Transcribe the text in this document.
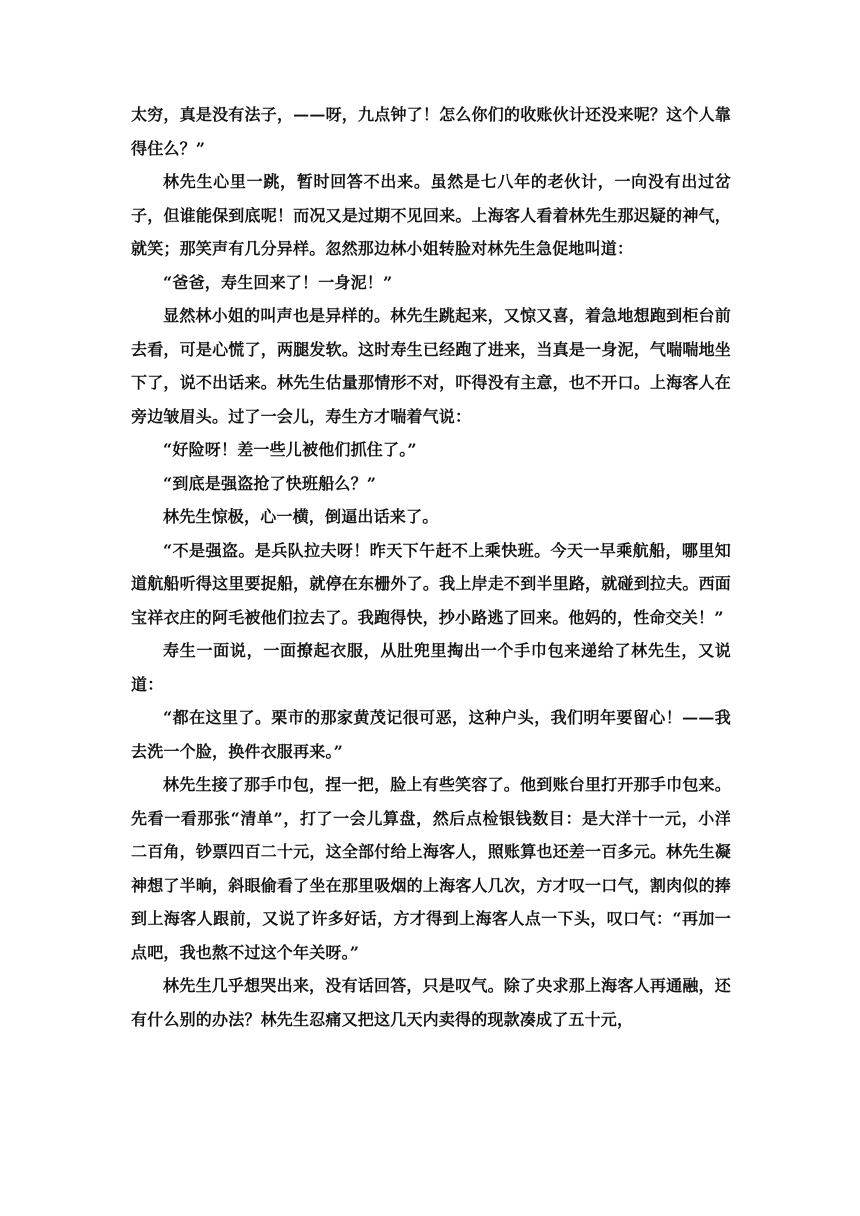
太穷，真是没有法子，——呀，九点钟了！怎么你们的收账伙计还没来呢？这个人靠得住么？”

林先生心里一跳，暂时回答不出来。虽然是七八年的老伙计，一向没有出过岔子，但谁能保到底呢！而况又是过期不见回来。上海客人看着林先生那迟疑的神气，就笑；那笑声有几分异样。忽然那边林小姐转脸对林先生急促地叫道：

“爸爸，寿生回来了！一身泥！”

显然林小姐的叫声也是异样的。林先生跳起来，又惊又喜，着急地想跑到柜台前去看，可是心慌了，两腿发软。这时寿生已经跑了进来，当真是一身泥，气喘喘地坐下了，说不出话来。林先生估量那情形不对，吓得没有主意，也不开口。上海客人在旁边皱眉头。过了一会儿，寿生方才喘着气说：

“好险呀！差一些儿被他们抓住了。”

“到底是强盗抢了快班船么？”

林先生惊极，心一横，倒逼出话来了。

“不是强盗。是兵队拉夫呀！昨天下午赶不上乘快班。今天一早乘航船，哪里知道航船听得这里要捉船，就停在东栅外了。我上岸走不到半里路，就碰到拉夫。西面宝祥衣庄的阿毛被他们拉去了。我跑得快，抄小路逃了回来。他妈的，性命交关！”

寿生一面说，一面撩起衣服，从肚兜里掏出一个手巾包来递给了林先生，又说道：

“都在这里了。栗市的那家黄茂记很可恶，这种户头，我们明年要留心！——我去洗一个脸，换件衣服再来。”

林先生接了那手巾包，捏一把，脸上有些笑容了。他到账台里打开那手巾包来。先看一看那张“清单”，打了一会儿算盘，然后点检银钱数目：是大洋十一元，小洋二百角，钞票四百二十元，这全部付给上海客人，照账算也还差一百多元。林先生凝神想了半晌，斜眼偷看了坐在那里吸烟的上海客人几次，方才叹一口气，割肉似的捧到上海客人跟前，又说了许多好话，方才得到上海客人点一下头，叹口气：“再加一点吧，我也熬不过这个年关呀。”

林先生几乎想哭出来，没有话回答，只是叹气。除了央求那上海客人再通融，还有什么别的办法？林先生忍痛又把这几天内卖得的现款凑成了五十元，
